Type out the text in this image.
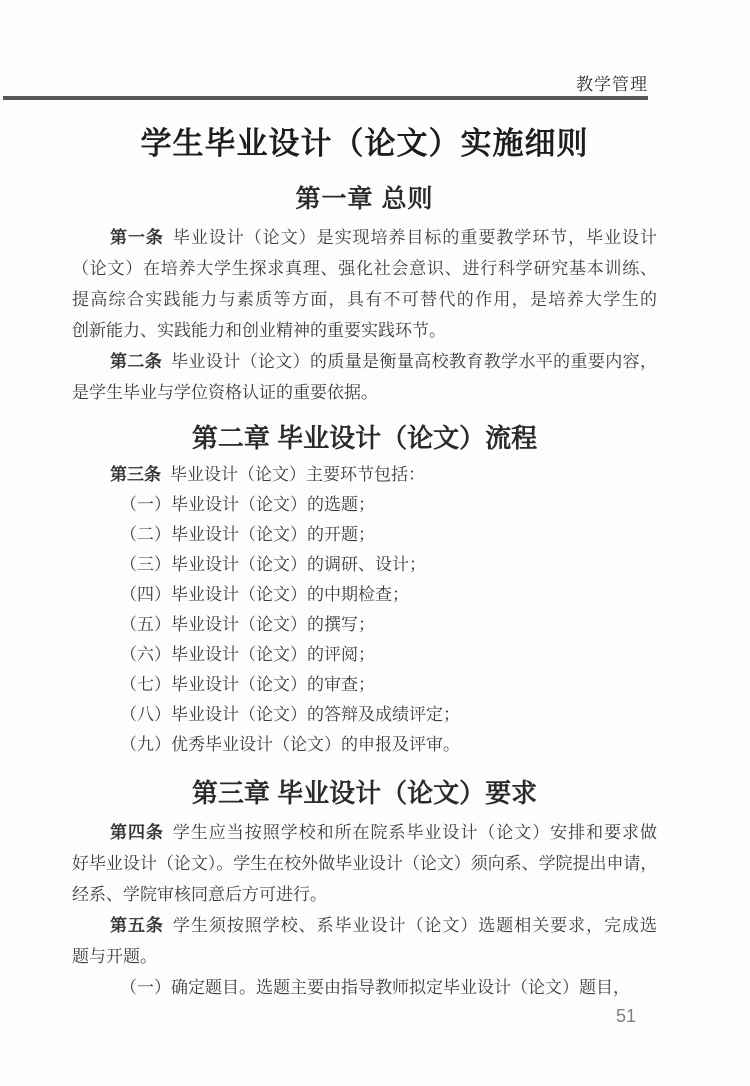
教学管理
学生毕业设计（论文）实施细则
第一章 总则
第一条 毕业设计（论文）是实现培养目标的重要教学环节，毕业设计
（论文）在培养大学生探求真理、强化社会意识、进行科学研究基本训练、
提高综合实践能力与素质等方面，具有不可替代的作用，是培养大学生的
创新能力、实践能力和创业精神的重要实践环节。
第二条 毕业设计（论文）的质量是衡量高校教育教学水平的重要内容，
是学生毕业与学位资格认证的重要依据。
第二章 毕业设计（论文）流程
第三条 毕业设计（论文）主要环节包括：
（一）毕业设计（论文）的选题；
（二）毕业设计（论文）的开题；
（三）毕业设计（论文）的调研、设计；
（四）毕业设计（论文）的中期检查；
（五）毕业设计（论文）的撰写；
（六）毕业设计（论文）的评阅；
（七）毕业设计（论文）的审查；
（八）毕业设计（论文）的答辩及成绩评定；
（九）优秀毕业设计（论文）的申报及评审。
第三章 毕业设计（论文）要求
第四条 学生应当按照学校和所在院系毕业设计（论文）安排和要求做
好毕业设计（论文）。学生在校外做毕业设计（论文）须向系、学院提出申请，
经系、学院审核同意后方可进行。
第五条 学生须按照学校、系毕业设计（论文）选题相关要求，完成选
题与开题。
（一）确定题目。选题主要由指导教师拟定毕业设计（论文）题目，
51
